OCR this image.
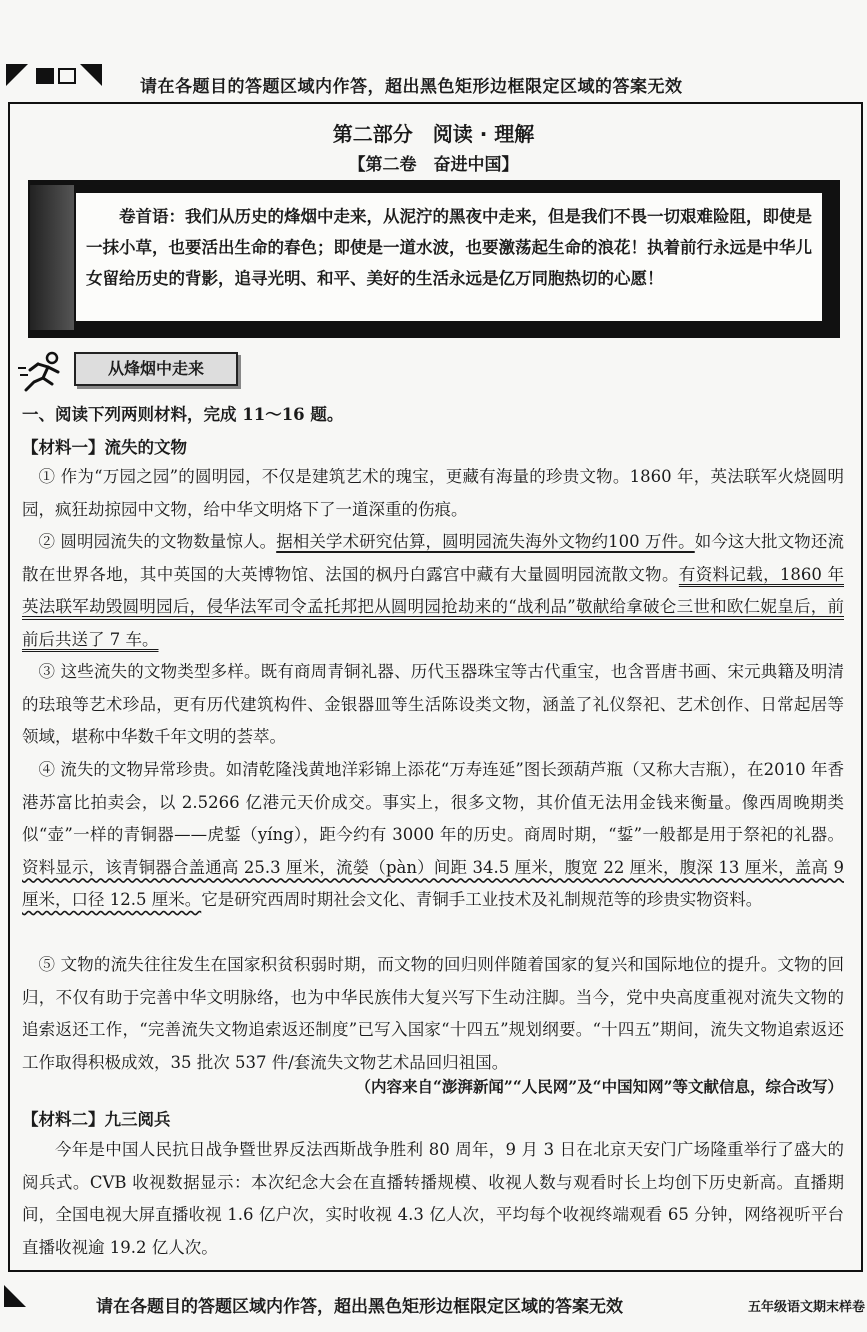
请在各题目的答题区域内作答，超出黑色矩形边框限定区域的答案无效
第二部分　阅读 · 理解
【第二卷　奋进中国】
卷首语：我们从历史的烽烟中走来，从泥泞的黑夜中走来，但是我们不畏一切艰难险阻，即使是一抹小草，也要活出生命的春色；即使是一道水波，也要激荡起生命的浪花！执着前行永远是中华儿女留给历史的背影，追寻光明、和平、美好的生活永远是亿万同胞热切的心愿！
从烽烟中走来
一、阅读下列两则材料，完成 11～16 题。
【材料一】流失的文物
① 作为“万园之园”的圆明园，不仅是建筑艺术的瑰宝，更藏有海量的珍贵文物。1860 年，英法联军火烧圆明园，疯狂劫掠园中文物，给中华文明烙下了一道深重的伤痕。
② 圆明园流失的文物数量惊人。据相关学术研究估算，圆明园流失海外文物约100 万件。如今这大批文物还流散在世界各地，其中英国的大英博物馆、法国的枫丹白露宫中藏有大量圆明园流散文物。有资料记载，1860 年英法联军劫毁圆明园后，侵华法军司令孟托邦把从圆明园抢劫来的“战利品”敬献给拿破仑三世和欧仁妮皇后，前前后共送了 7 车。
③ 这些流失的文物类型多样。既有商周青铜礼器、历代玉器珠宝等古代重宝，也含晋唐书画、宋元典籍及明清的珐琅等艺术珍品，更有历代建筑构件、金银器皿等生活陈设类文物，涵盖了礼仪祭祀、艺术创作、日常起居等领域，堪称中华数千年文明的荟萃。
④ 流失的文物异常珍贵。如清乾隆浅黄地洋彩锦上添花“万寿连延”图长颈葫芦瓶（又称大吉瓶），在2010 年香港苏富比拍卖会，以 2.5266 亿港元天价成交。事实上，很多文物，其价值无法用金钱来衡量。像西周晚期类似“壶”一样的青铜器——虎銴（yíng），距今约有 3000 年的历史。商周时期，“銴”一般都是用于祭祀的礼器。资料显示，该青铜器合盖通高 25.3 厘米，流嫈（pàn）间距 34.5 厘米，腹宽 22 厘米，腹深 13 厘米，盖高 9 厘米，口径 12.5 厘米。它是研究西周时期社会文化、青铜手工业技术及礼制规范等的珍贵实物资料。
⑤ 文物的流失往往发生在国家积贫积弱时期，而文物的回归则伴随着国家的复兴和国际地位的提升。文物的回归，不仅有助于完善中华文明脉络，也为中华民族伟大复兴写下生动注脚。当今，党中央高度重视对流失文物的追索返还工作，“完善流失文物追索返还制度”已写入国家“十四五”规划纲要。“十四五”期间，流失文物追索返还工作取得积极成效，35 批次 537 件/套流失文物艺术品回归祖国。
（内容来自“澎湃新闻”“人民网”及“中国知网”等文献信息，综合改写）
【材料二】九三阅兵
今年是中国人民抗日战争暨世界反法西斯战争胜利 80 周年，9 月 3 日在北京天安门广场隆重举行了盛大的阅兵式。CVB 收视数据显示：本次纪念大会在直播转播规模、收视人数与观看时长上均创下历史新高。直播期间，全国电视大屏直播收视 1.6 亿户次，实时收视 4.3 亿人次，平均每个收视终端观看 65 分钟，网络视听平台直播收视逾 19.2 亿人次。
请在各题目的答题区域内作答，超出黑色矩形边框限定区域的答案无效	五年级语文期末样卷
